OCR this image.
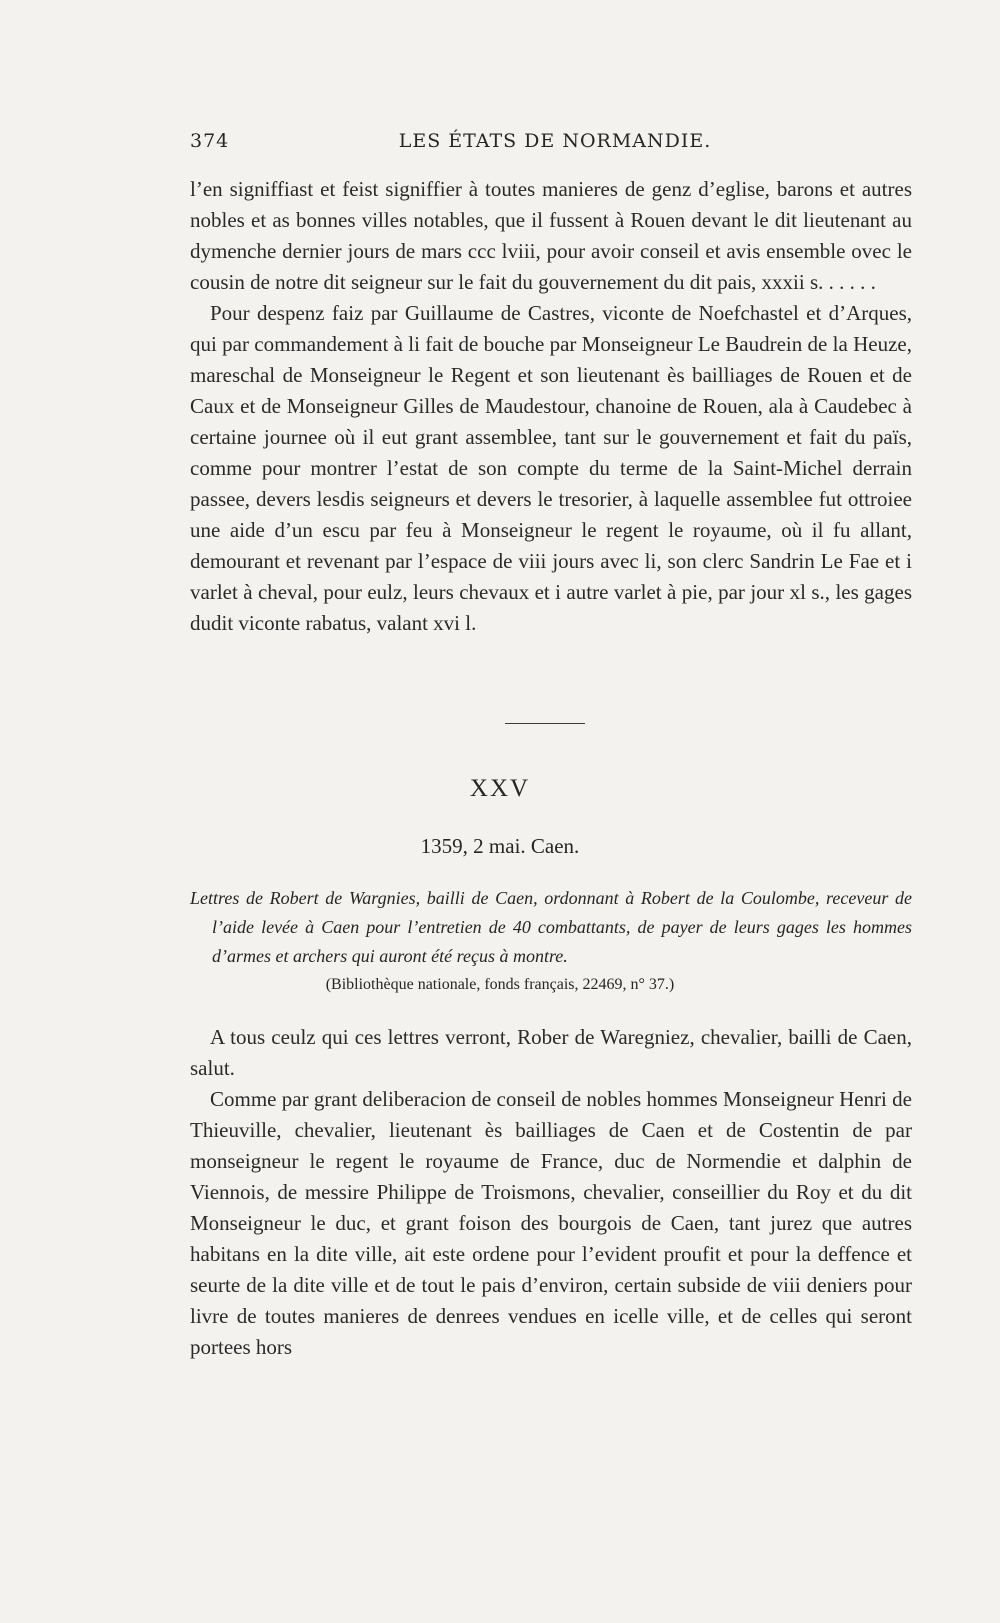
374	LES ÉTATS DE NORMANDIE.

l’en signiffiast et feist signiffier à toutes manieres de genz d’eglise, barons et autres nobles et as bonnes villes notables, que il fussent à Rouen devant le dit lieutenant au dymenche dernier jours de mars ccc lviii, pour avoir conseil et avis ensemble ovec le cousin de notre dit seigneur sur le fait du gouvernement du dit pais, xxxii s. . . . . .

Pour despenz faiz par Guillaume de Castres, viconte de Noefchastel et d’Arques, qui par commandement à li fait de bouche par Monseigneur Le Baudrein de la Heuze, mareschal de Monseigneur le Regent et son lieutenant ès bailliages de Rouen et de Caux et de Monseigneur Gilles de Maudestour, chanoine de Rouen, ala à Caudebec à certaine journee où il eut grant assemblee, tant sur le gouvernement et fait du païs, comme pour montrer l’estat de son compte du terme de la Saint-Michel derrain passee, devers lesdis seigneurs et devers le tresorier, à laquelle assemblee fut ottroiee une aide d’un escu par feu à Monseigneur le regent le royaume, où il fu allant, demourant et revenant par l’espace de viii jours avec li, son clerc Sandrin Le Fae et i varlet à cheval, pour eulz, leurs chevaux et i autre varlet à pie, par jour xl s., les gages dudit viconte rabatus, valant xvi l.

XXV
1359, 2 mai. Caen.

Lettres de Robert de Wargnies, bailli de Caen, ordonnant à Robert de la Coulombe, receveur de l’aide levée à Caen pour l’entretien de 40 combattants, de payer de leurs gages les hommes d’armes et archers qui auront été reçus à montre.

(Bibliothèque nationale, fonds français, 22469, n° 37.)

A tous ceulz qui ces lettres verront, Rober de Waregniez, chevalier, bailli de Caen, salut.

Comme par grant deliberacion de conseil de nobles hommes Monseigneur Henri de Thieuville, chevalier, lieutenant ès bailliages de Caen et de Costentin de par monseigneur le regent le royaume de France, duc de Normendie et dalphin de Viennois, de messire Philippe de Troismons, chevalier, conseillier du Roy et du dit Monseigneur le duc, et grant foison des bourgois de Caen, tant jurez que autres habitans en la dite ville, ait este ordene pour l’evident proufit et pour la deffence et seurte de la dite ville et de tout le pais d’environ, certain subside de viii deniers pour livre de toutes manieres de denrees vendues en icelle ville, et de celles qui seront portees hors
